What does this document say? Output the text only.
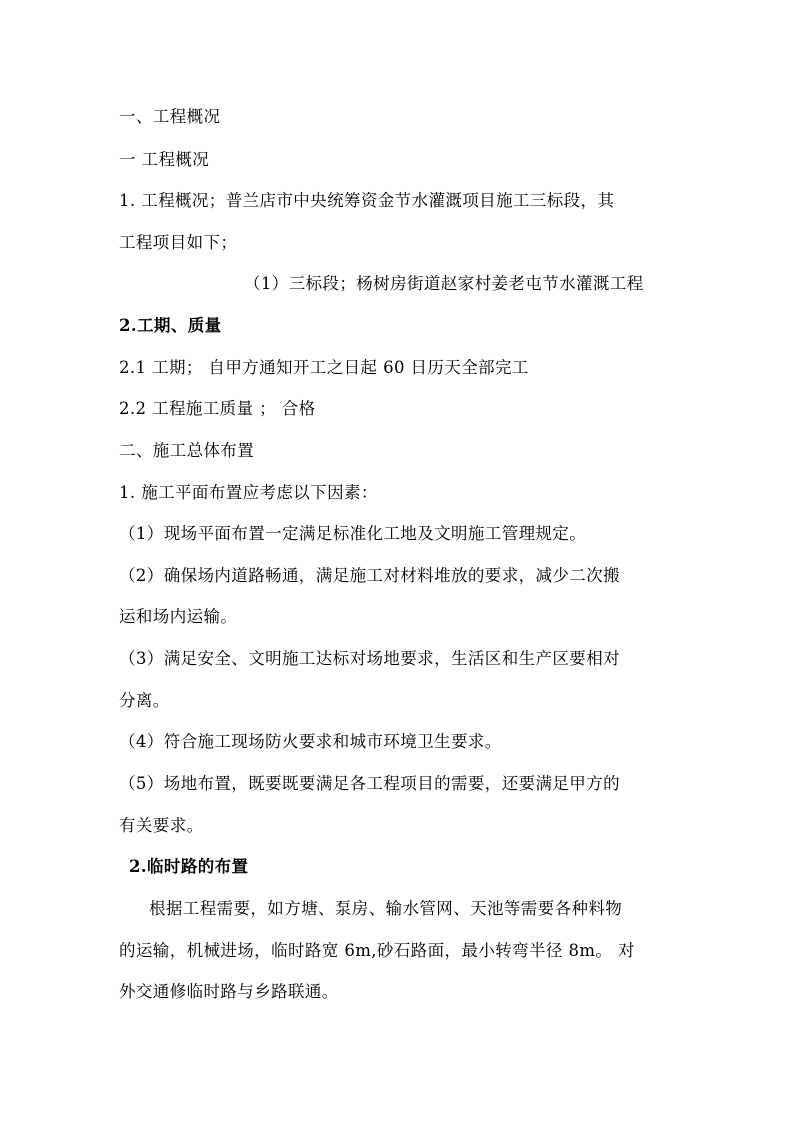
一、工程概况
一 工程概况
1. 工程概况；普兰店市中央统筹资金节水灌溉项目施工三标段，其
工程项目如下；
（1）三标段；杨树房街道赵家村姜老屯节水灌溉工程
2.工期、质量
2.1 工期； 自甲方通知开工之日起 60 日历天全部完工
2.2 工程施工质量 ； 合格
二、施工总体布置
1. 施工平面布置应考虑以下因素：
（1）现场平面布置一定满足标准化工地及文明施工管理规定。
（2）确保场内道路畅通，满足施工对材料堆放的要求，减少二次搬
运和场内运输。
（3）满足安全、文明施工达标对场地要求，生活区和生产区要相对
分离。
（4）符合施工现场防火要求和城市环境卫生要求。
（5）场地布置，既要既要满足各工程项目的需要，还要满足甲方的
有关要求。
2.临时路的布置
根据工程需要，如方塘、泵房、输水管网、天池等需要各种料物
的运输，机械进场，临时路宽 6m,砂石路面，最小转弯半径 8m。 对
外交通修临时路与乡路联通。
